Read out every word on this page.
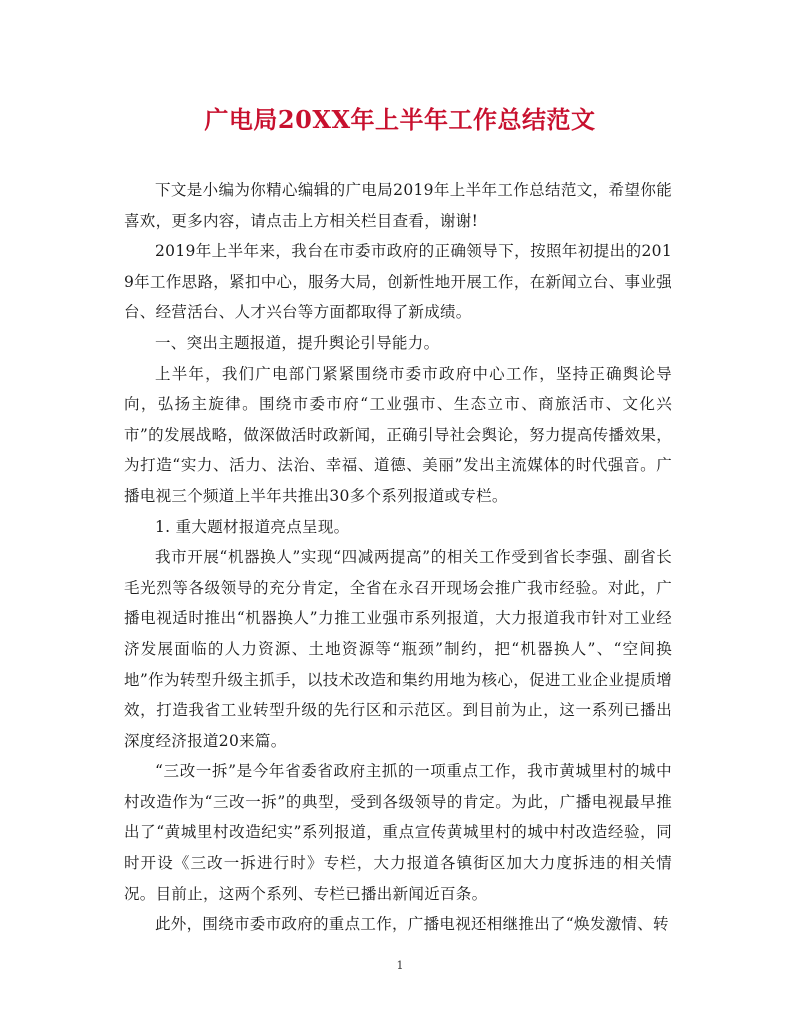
广电局20XX年上半年工作总结范文

下文是小编为你精心编辑的广电局2019年上半年工作总结范文，希望你能喜欢，更多内容，请点击上方相关栏目查看，谢谢!

2019年上半年来，我台在市委市政府的正确领导下，按照年初提出的2019年工作思路，紧扣中心，服务大局，创新性地开展工作，在新闻立台、事业强台、经营活台、人才兴台等方面都取得了新成绩。

一、突出主题报道，提升舆论引导能力。

上半年，我们广电部门紧紧围绕市委市政府中心工作，坚持正确舆论导向，弘扬主旋律。围绕市委市府“工业强市、生态立市、商旅活市、文化兴市”的发展战略，做深做活时政新闻，正确引导社会舆论，努力提高传播效果，为打造“实力、活力、法治、幸福、道德、美丽”发出主流媒体的时代强音。广播电视三个频道上半年共推出30多个系列报道或专栏。

1. 重大题材报道亮点呈现。

我市开展“机器换人”实现“四减两提高”的相关工作受到省长李强、副省长毛光烈等各级领导的充分肯定，全省在永召开现场会推广我市经验。对此，广播电视适时推出“机器换人”力推工业强市系列报道，大力报道我市针对工业经济发展面临的人力资源、土地资源等“瓶颈”制约，把“机器换人”、“空间换地”作为转型升级主抓手，以技术改造和集约用地为核心，促进工业企业提质增效，打造我省工业转型升级的先行区和示范区。到目前为止，这一系列已播出深度经济报道20来篇。

“三改一拆”是今年省委省政府主抓的一项重点工作，我市黄城里村的城中村改造作为“三改一拆”的典型，受到各级领导的肯定。为此，广播电视最早推出了“黄城里村改造纪实”系列报道，重点宣传黄城里村的城中村改造经验，同时开设《三改一拆进行时》专栏，大力报道各镇街区加大力度拆违的相关情况。目前止，这两个系列、专栏已播出新闻近百条。

此外，围绕市委市政府的重点工作，广播电视还相继推出了“焕发激情、转

1
